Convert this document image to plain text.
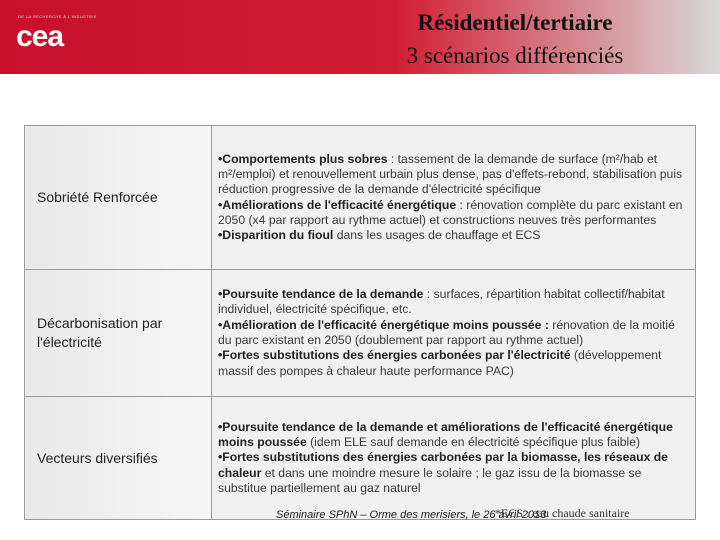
DE LA RECHERCHE À L'INDUSTRIE
cea	Résidentiel/tertiaire
3 scénarios différenciés
Sobriété Renforcée	•Comportements plus sobres : tassement de la demande de surface (m²/hab et m²/emploi) et renouvellement urbain plus dense, pas d'effets-rebond, stabilisation puis réduction progressive de la demande d'électricité spécifique

•Améliorations de l'efficacité énergétique : rénovation complète du parc existant en 2050 (x4 par rapport au rythme actuel) et constructions neuves très performantes

•Disparition du fioul dans les usages de chauffage et ECS

Décarbonisation par l'électricité	•Poursuite tendance de la demande : surfaces, répartition habitat collectif/habitat individuel, électricité spécifique, etc.

•Amélioration de l'efficacité énergétique moins poussée : rénovation de la moitié du parc existant en 2050 (doublement par rapport au rythme actuel)

•Fortes substitutions des énergies carbonées par l'électricité (développement massif des pompes à chaleur haute performance PAC)

Vecteurs diversifiés	•Poursuite tendance de la demande et améliorations de l'efficacité énergétique moins poussée (idem ELE sauf demande en électricité spécifique plus faible)

•Fortes substitutions des énergies carbonées par la biomasse, les réseaux de chaleur et dans une moindre mesure le solaire ; le gaz issu de la biomasse se substitue partiellement au gaz naturel

Séminaire SPhN – Orme des merisiers, le 26 avril 2013
*ECS : eau chaude sanitaire
